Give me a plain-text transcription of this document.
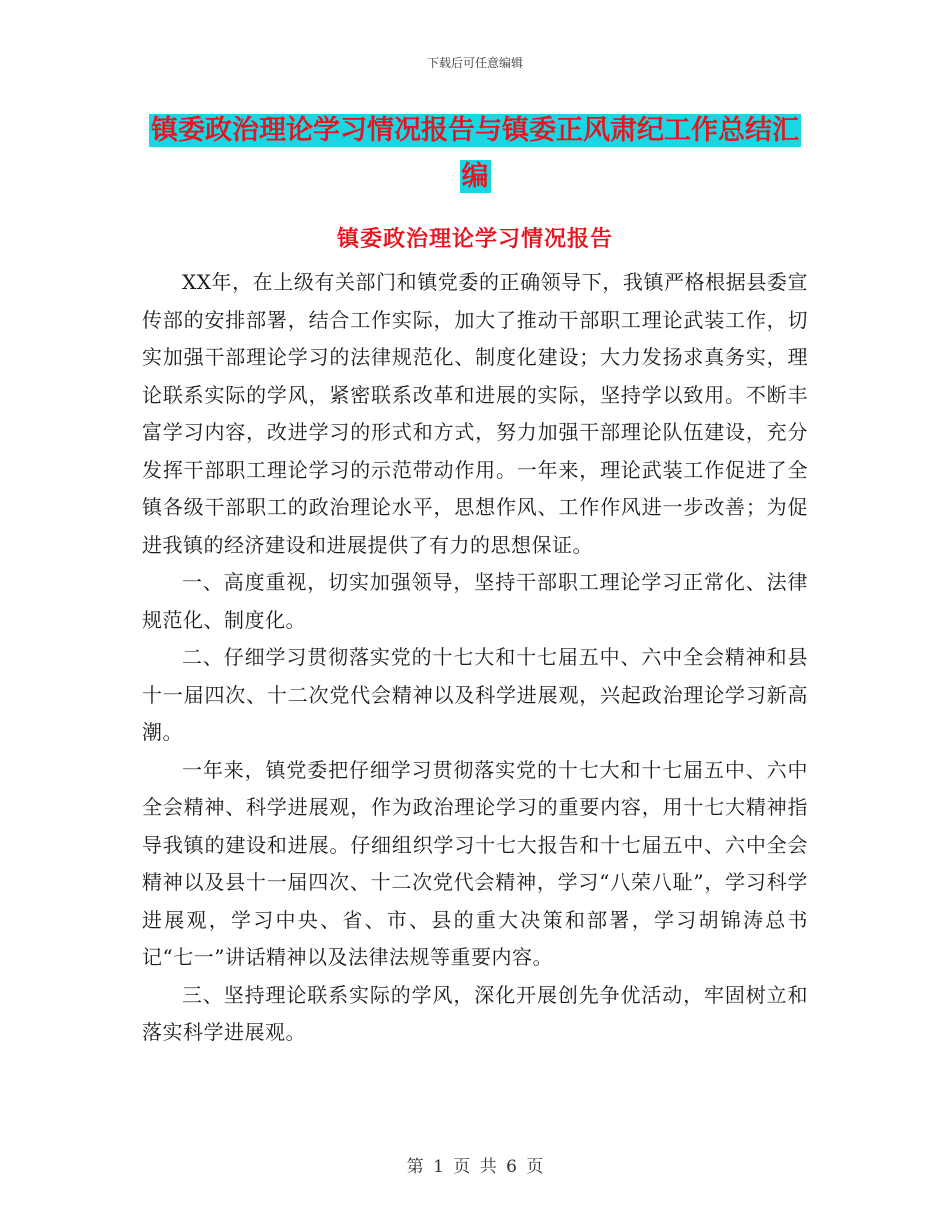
下载后可任意编辑
镇委政治理论学习情况报告与镇委正风肃纪工作总结汇编
镇委政治理论学习情况报告

XX年，在上级有关部门和镇党委的正确领导下，我镇严格根据县委宣传部的安排部署，结合工作实际，加大了推动干部职工理论武装工作，切实加强干部理论学习的法律规范化、制度化建设；大力发扬求真务实，理论联系实际的学风，紧密联系改革和进展的实际，坚持学以致用。不断丰富学习内容，改进学习的形式和方式，努力加强干部理论队伍建设，充分发挥干部职工理论学习的示范带动作用。一年来，理论武装工作促进了全镇各级干部职工的政治理论水平，思想作风、工作作风进一步改善；为促进我镇的经济建设和进展提供了有力的思想保证。

一、高度重视，切实加强领导，坚持干部职工理论学习正常化、法律规范化、制度化。

二、仔细学习贯彻落实党的十七大和十七届五中、六中全会精神和县十一届四次、十二次党代会精神以及科学进展观，兴起政治理论学习新高潮。

一年来，镇党委把仔细学习贯彻落实党的十七大和十七届五中、六中全会精神、科学进展观，作为政治理论学习的重要内容，用十七大精神指导我镇的建设和进展。仔细组织学习十七大报告和十七届五中、六中全会精神以及县十一届四次、十二次党代会精神，学习“八荣八耻”，学习科学进展观，学习中央、省、市、县的重大决策和部署，学习胡锦涛总书记“七一”讲话精神以及法律法规等重要内容。

三、坚持理论联系实际的学风，深化开展创先争优活动，牢固树立和落实科学进展观。

第 1 页 共 6 页
